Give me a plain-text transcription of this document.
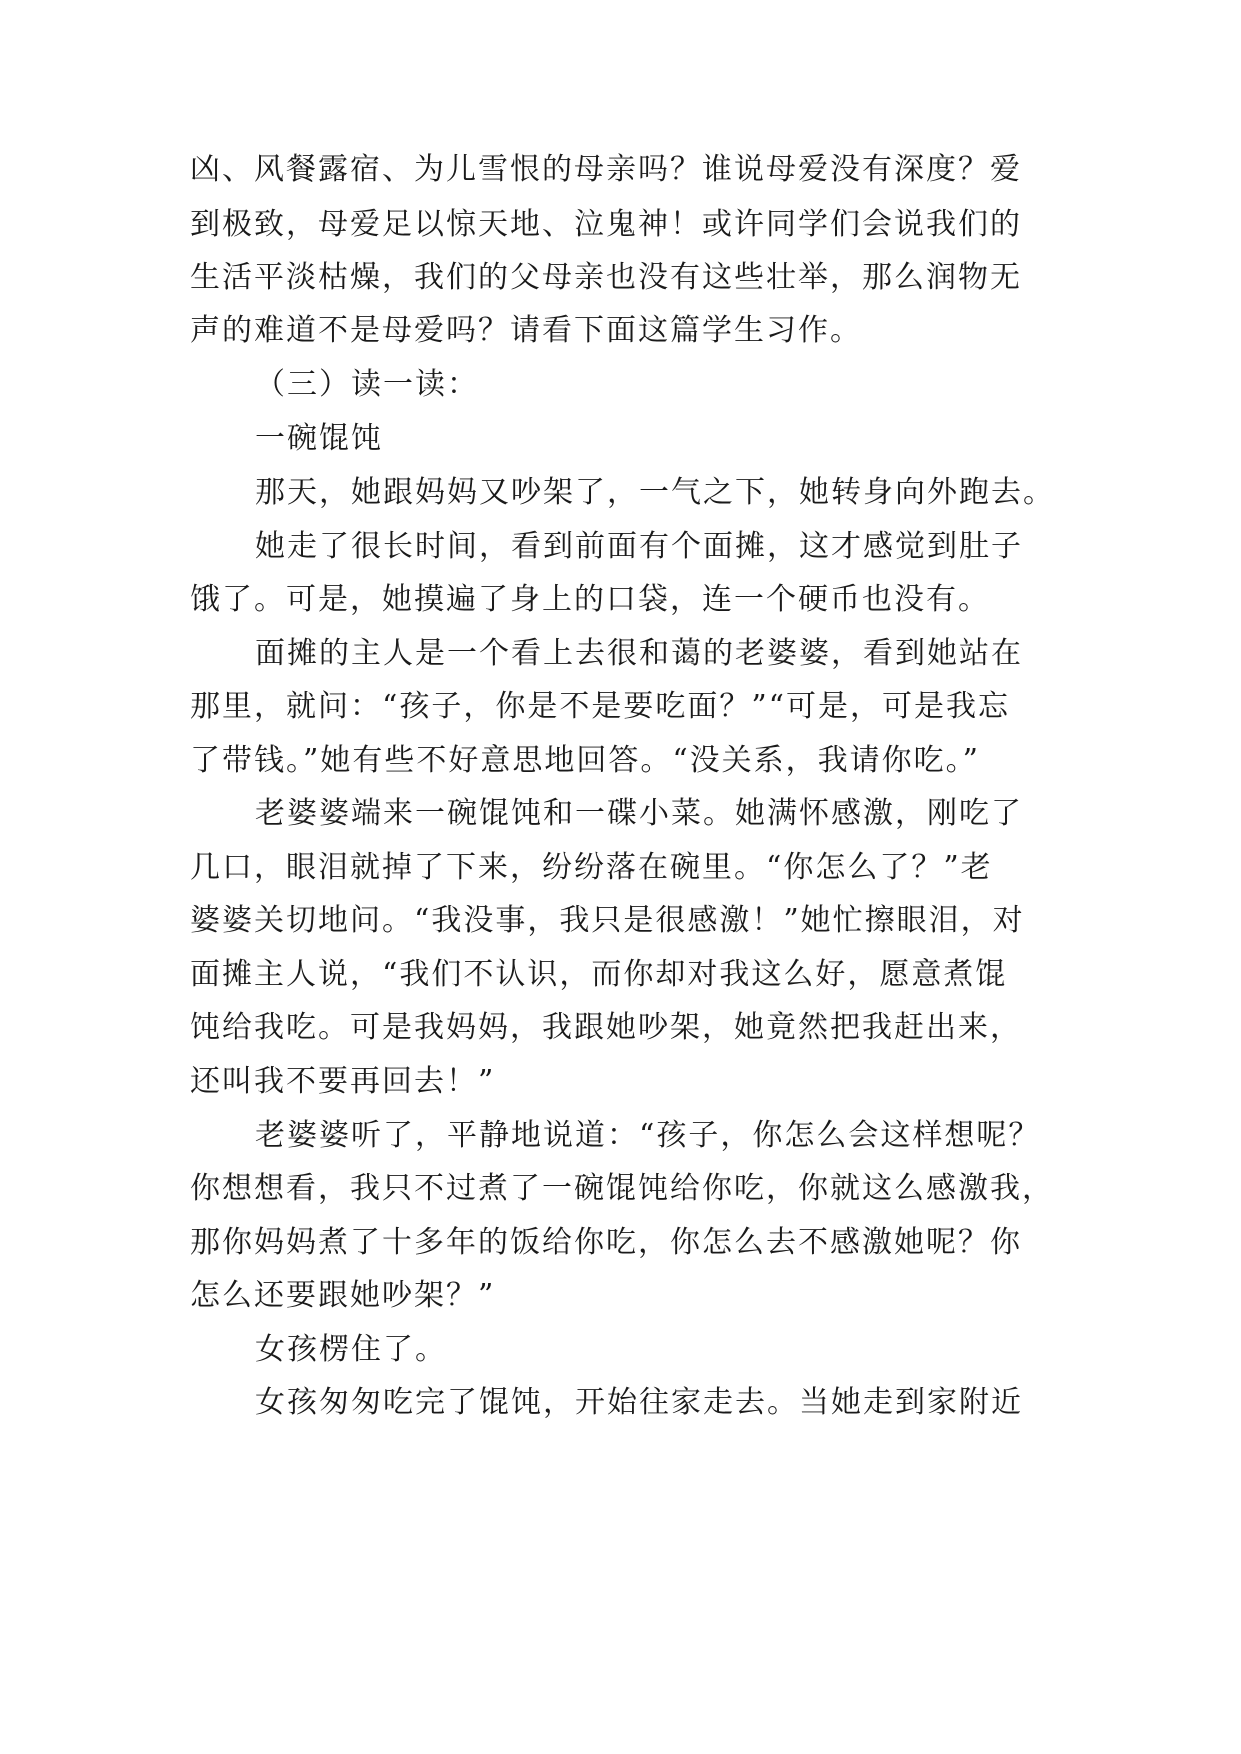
凶、风餐露宿、为儿雪恨的母亲吗？谁说母爱没有深度？爱
到极致，母爱足以惊天地、泣鬼神！或许同学们会说我们的
生活平淡枯燥，我们的父母亲也没有这些壮举，那么润物无
声的难道不是母爱吗？请看下面这篇学生习作。
（三）读一读：
一碗馄饨
那天，她跟妈妈又吵架了，一气之下，她转身向外跑去。
她走了很长时间，看到前面有个面摊，这才感觉到肚子
饿了。可是，她摸遍了身上的口袋，连一个硬币也没有。
面摊的主人是一个看上去很和蔼的老婆婆，看到她站在
那里，就问：“孩子，你是不是要吃面？”“可是，可是我忘
了带钱。”她有些不好意思地回答。“没关系，我请你吃。”
老婆婆端来一碗馄饨和一碟小菜。她满怀感激，刚吃了
几口，眼泪就掉了下来，纷纷落在碗里。“你怎么了？”老
婆婆关切地问。“我没事，我只是很感激！”她忙擦眼泪，对
面摊主人说，“我们不认识，而你却对我这么好，愿意煮馄
饨给我吃。可是我妈妈，我跟她吵架，她竟然把我赶出来，
还叫我不要再回去！”
老婆婆听了，平静地说道：“孩子，你怎么会这样想呢？
你想想看，我只不过煮了一碗馄饨给你吃，你就这么感激我，
那你妈妈煮了十多年的饭给你吃，你怎么去不感激她呢？你
怎么还要跟她吵架？”
女孩楞住了。
女孩匆匆吃完了馄饨，开始往家走去。当她走到家附近
